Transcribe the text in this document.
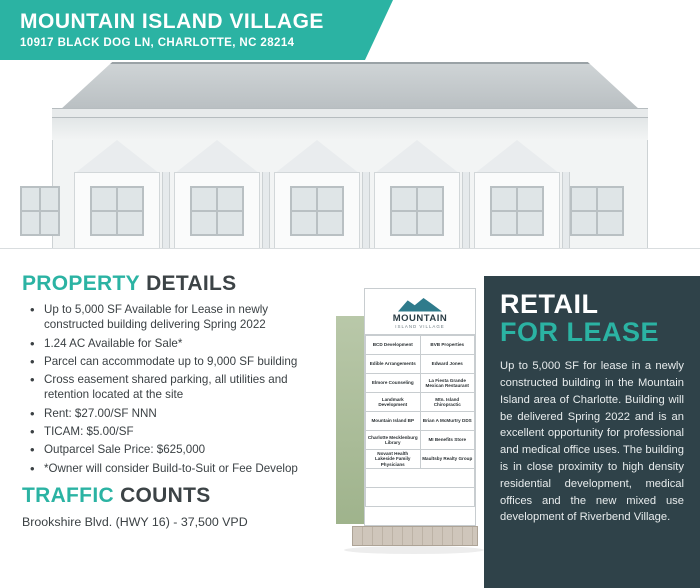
MOUNTAIN ISLAND VILLAGE
10917 BLACK DOG LN, CHARLOTTE, NC 28214
PROPERTY DETAILS
• Up to 5,000 SF Available for Lease in newly constructed building delivering Spring 2022
• 1.24 AC Available for Sale*
• Parcel can accommodate up to 9,000 SF building
• Cross easement shared parking, all utilities and retention located at the site
• Rent: $27.00/SF NNN
• TICAM: $5.00/SF
• Outparcel Sale Price: $625,000
• *Owner will consider Build-to-Suit or Fee Develop
TRAFFIC COUNTS
Brookshire Blvd. (HWY 16) - 37,500 VPD
MOUNTAIN
ISLAND VILLAGE
BCD Development	BVB Properties
Edible Arrangements	Edward Jones
Elmore Counseling	La Fiesta Grande Mexican Restaurant
Landmark Development	Mtn. Island Chiropractic
Mountain Island BP	Brian A McMurtry DDS
Charlotte Mecklenburg Library	MI Benefits Store
Novant Health Lakeside Family Physicians	Maultsby Realty Group

RETAIL
FOR LEASE
Up to 5,000 SF for lease in a newly constructed building in the Mountain Island area of Charlotte. Building will be delivered Spring 2022 and is an excellent opportunity for professional and medical office uses. The building is in close proximity to high density residential development, medical offices and the new mixed use development of Riverbend Village.
